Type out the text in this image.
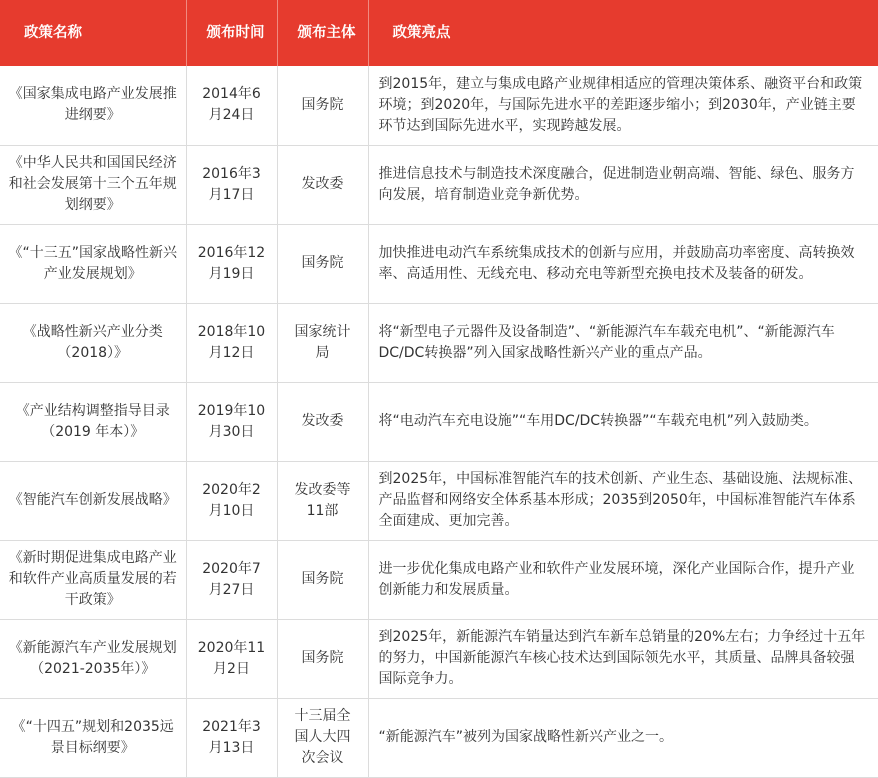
政策名称	颁布时间	颁布主体	政策亮点
《国家集成电路产业发展推进纲要》	2014年6月24日	国务院	到2015年，建立与集成电路产业规律相适应的管理决策体系、融资平台和政策环境；到2020年，与国际先进水平的差距逐步缩小；到2030年，产业链主要环节达到国际先进水平，实现跨越发展。
《中华人民共和国国民经济和社会发展第十三个五年规划纲要》	2016年3月17日	发改委	推进信息技术与制造技术深度融合，促进制造业朝高端、智能、绿色、服务方向发展，培育制造业竞争新优势。
《“十三五”国家战略性新兴产业发展规划》	2016年12月19日	国务院	加快推进电动汽车系统集成技术的创新与应用，并鼓励高功率密度、高转换效率、高适用性、无线充电、移动充电等新型充换电技术及装备的研发。
《战略性新兴产业分类（2018）》	2018年10月12日	国家统计局	将“新型电子元器件及设备制造”、“新能源汽车车载充电机”、“新能源汽车DC/DC转换器”列入国家战略性新兴产业的重点产品。
《产业结构调整指导目录（2019 年本）》	2019年10月30日	发改委	将“电动汽车充电设施”“车用DC/DC转换器”“车载充电机”列入鼓励类。
《智能汽车创新发展战略》	2020年2月10日	发改委等11部	到2025年，中国标准智能汽车的技术创新、产业生态、基础设施、法规标准、产品监督和网络安全体系基本形成；2035到2050年，中国标准智能汽车体系全面建成、更加完善。
《新时期促进集成电路产业和软件产业高质量发展的若干政策》	2020年7月27日	国务院	进一步优化集成电路产业和软件产业发展环境，深化产业国际合作，提升产业创新能力和发展质量。
《新能源汽车产业发展规划（2021-2035年）》	2020年11月2日	国务院	到2025年，新能源汽车销量达到汽车新车总销量的20%左右；力争经过十五年的努力，中国新能源汽车核心技术达到国际领先水平，其质量、品牌具备较强国际竞争力。
《“十四五”规划和2035远景目标纲要》	2021年3月13日	十三届全国人大四次会议	“新能源汽车”被列为国家战略性新兴产业之一。
